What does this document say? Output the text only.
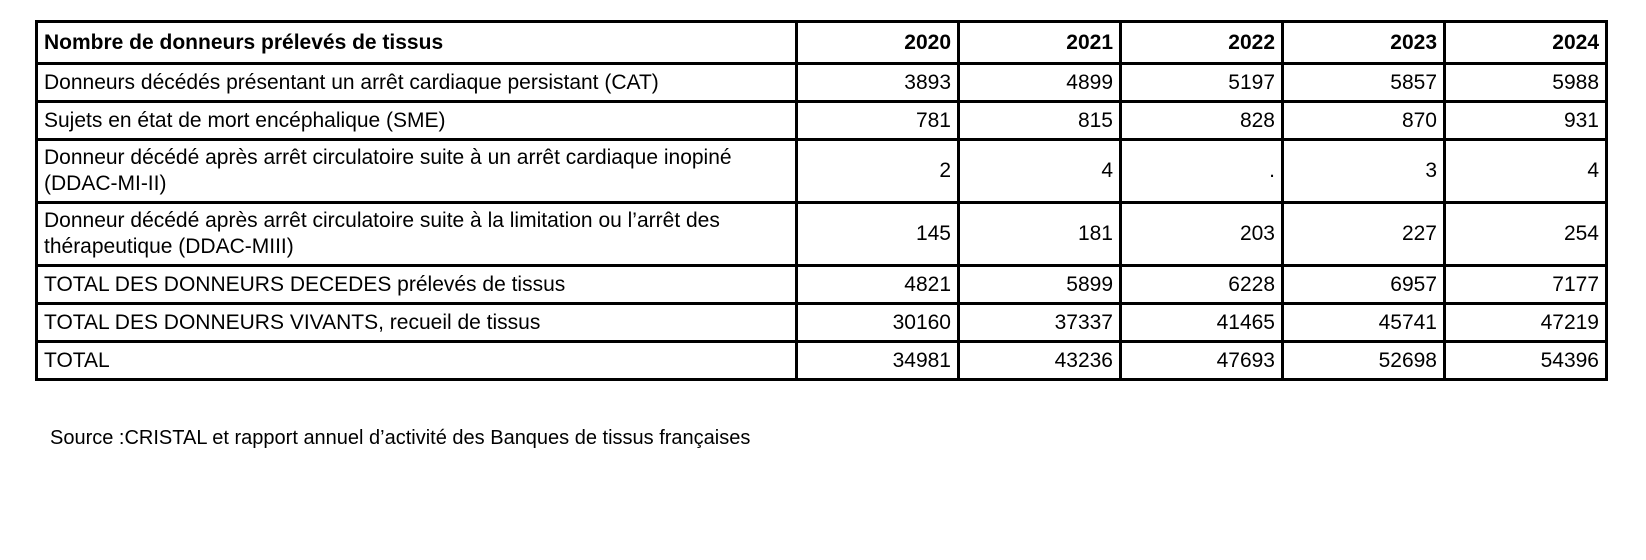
Nombre de donneurs prélevés de tissus	2020	2021	2022	2023	2024
Donneurs décédés présentant un arrêt cardiaque persistant (CAT)	3893	4899	5197	5857	5988
Sujets en état de mort encéphalique (SME)	781	815	828	870	931
Donneur décédé après arrêt circulatoire suite à un arrêt cardiaque inopiné (DDAC-MI-II)	2	4	.	3	4
Donneur décédé après arrêt circulatoire suite à la limitation ou l’arrêt des thérapeutique (DDAC-MIII)	145	181	203	227	254
TOTAL DES DONNEURS DECEDES prélevés de tissus	4821	5899	6228	6957	7177
TOTAL DES DONNEURS VIVANTS, recueil de tissus	30160	37337	41465	45741	47219
TOTAL	34981	43236	47693	52698	54396
Source :CRISTAL et rapport annuel d’activité des Banques de tissus françaises
